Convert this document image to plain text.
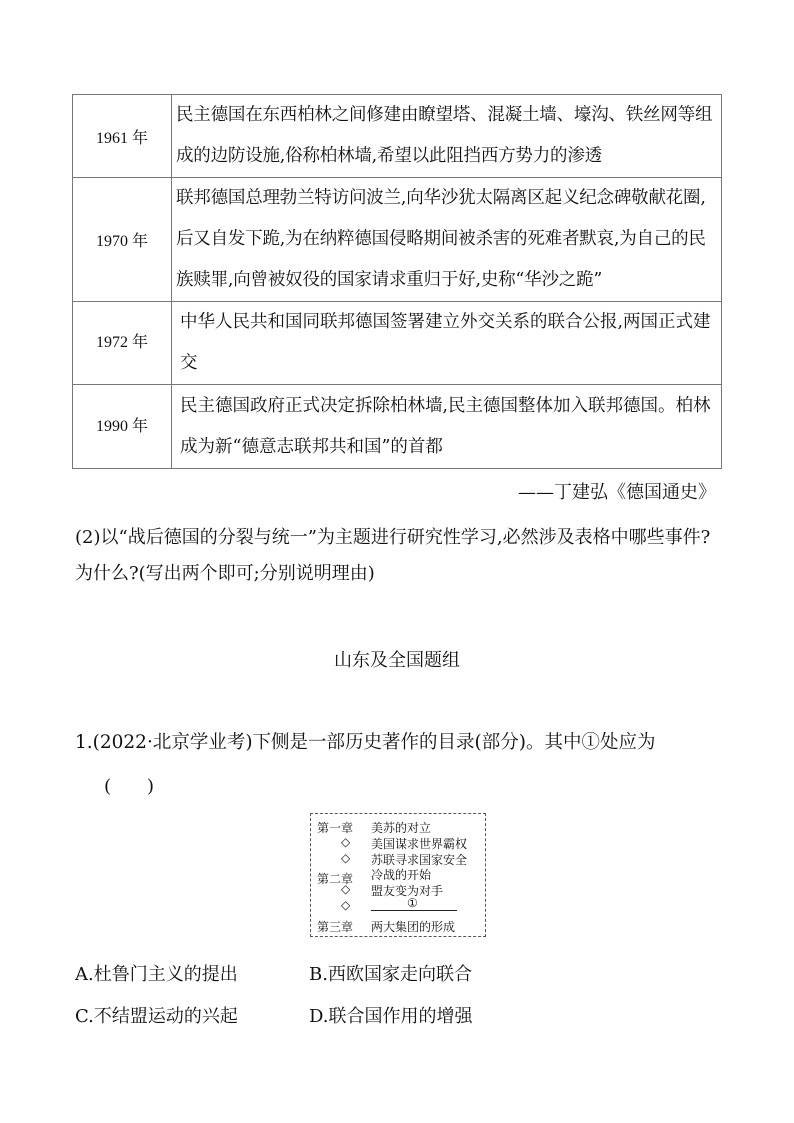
1961 年	民主德国在东西柏林之间修建由瞭望塔、混凝土墙、壕沟、铁丝网等组成的边防设施,俗称柏林墙,希望以此阻挡西方势力的渗透
1970 年	联邦德国总理勃兰特访问波兰,向华沙犹太隔离区起义纪念碑敬献花圈,后又自发下跪,为在纳粹德国侵略期间被杀害的死难者默哀,为自己的民族赎罪,向曾被奴役的国家请求重归于好,史称“华沙之跪”
1972 年	中华人民共和国同联邦德国签署建立外交关系的联合公报,两国正式建交
1990 年	民主德国政府正式决定拆除柏林墙,民主德国整体加入联邦德国。柏林成为新“德意志联邦共和国”的首都
——丁建弘《德国通史》
(2)以“战后德国的分裂与统一”为主题进行研究性学习,必然涉及表格中哪些事件?为什么?(写出两个即可;分别说明理由)
山东及全国题组
1.(2022·北京学业考)下侧是一部历史著作的目录(部分)。其中①处应为
(　　)
第一章 美苏的对立
◇ 美国谋求世界霸权
◇ 苏联寻求国家安全
第二章 冷战的开始
◇ 盟友变为对手
◇	①
第三章 两大集团的形成
A.杜鲁门主义的提出	B.西欧国家走向联合
C.不结盟运动的兴起	D.联合国作用的增强
